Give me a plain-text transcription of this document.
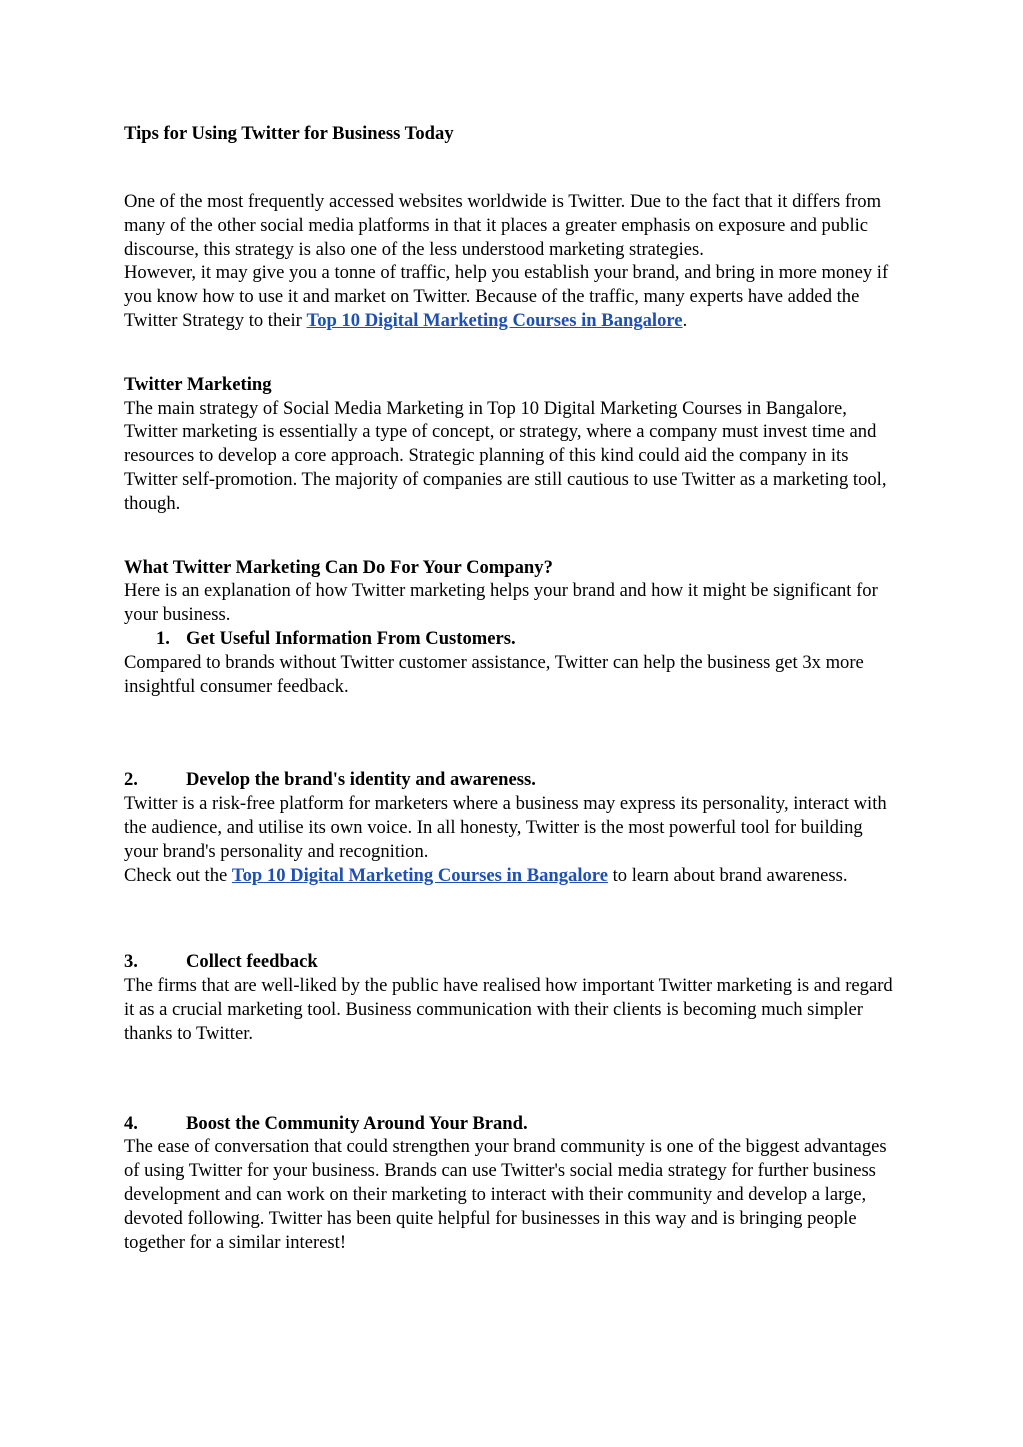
Tips for Using Twitter for Business Today

One of the most frequently accessed websites worldwide is Twitter. Due to the fact that it differs from many of the other social media platforms in that it places a greater emphasis on exposure and public discourse, this strategy is also one of the less understood marketing strategies.

However, it may give you a tonne of traffic, help you establish your brand, and bring in more money if you know how to use it and market on Twitter. Because of the traffic, many experts have added the Twitter Strategy to their Top 10 Digital Marketing Courses in Bangalore.

Twitter Marketing

The main strategy of Social Media Marketing in Top 10 Digital Marketing Courses in Bangalore, Twitter marketing is essentially a type of concept, or strategy, where a company must invest time and resources to develop a core approach. Strategic planning of this kind could aid the company in its Twitter self-promotion. The majority of companies are still cautious to use Twitter as a marketing tool, though.

What Twitter Marketing Can Do For Your Company?

Here is an explanation of how Twitter marketing helps your brand and how it might be significant for your business.

1. Get Useful Information From Customers.

Compared to brands without Twitter customer assistance, Twitter can help the business get 3x more insightful consumer feedback.

2.	Develop the brand's identity and awareness.

Twitter is a risk-free platform for marketers where a business may express its personality, interact with the audience, and utilise its own voice. In all honesty, Twitter is the most powerful tool for building your brand's personality and recognition.

Check out the Top 10 Digital Marketing Courses in Bangalore to learn about brand awareness.

3.	Collect feedback

The firms that are well-liked by the public have realised how important Twitter marketing is and regard it as a crucial marketing tool. Business communication with their clients is becoming much simpler thanks to Twitter.

4.	Boost the Community Around Your Brand.

The ease of conversation that could strengthen your brand community is one of the biggest advantages of using Twitter for your business. Brands can use Twitter's social media strategy for further business development and can work on their marketing to interact with their community and develop a large, devoted following. Twitter has been quite helpful for businesses in this way and is bringing people together for a similar interest!
